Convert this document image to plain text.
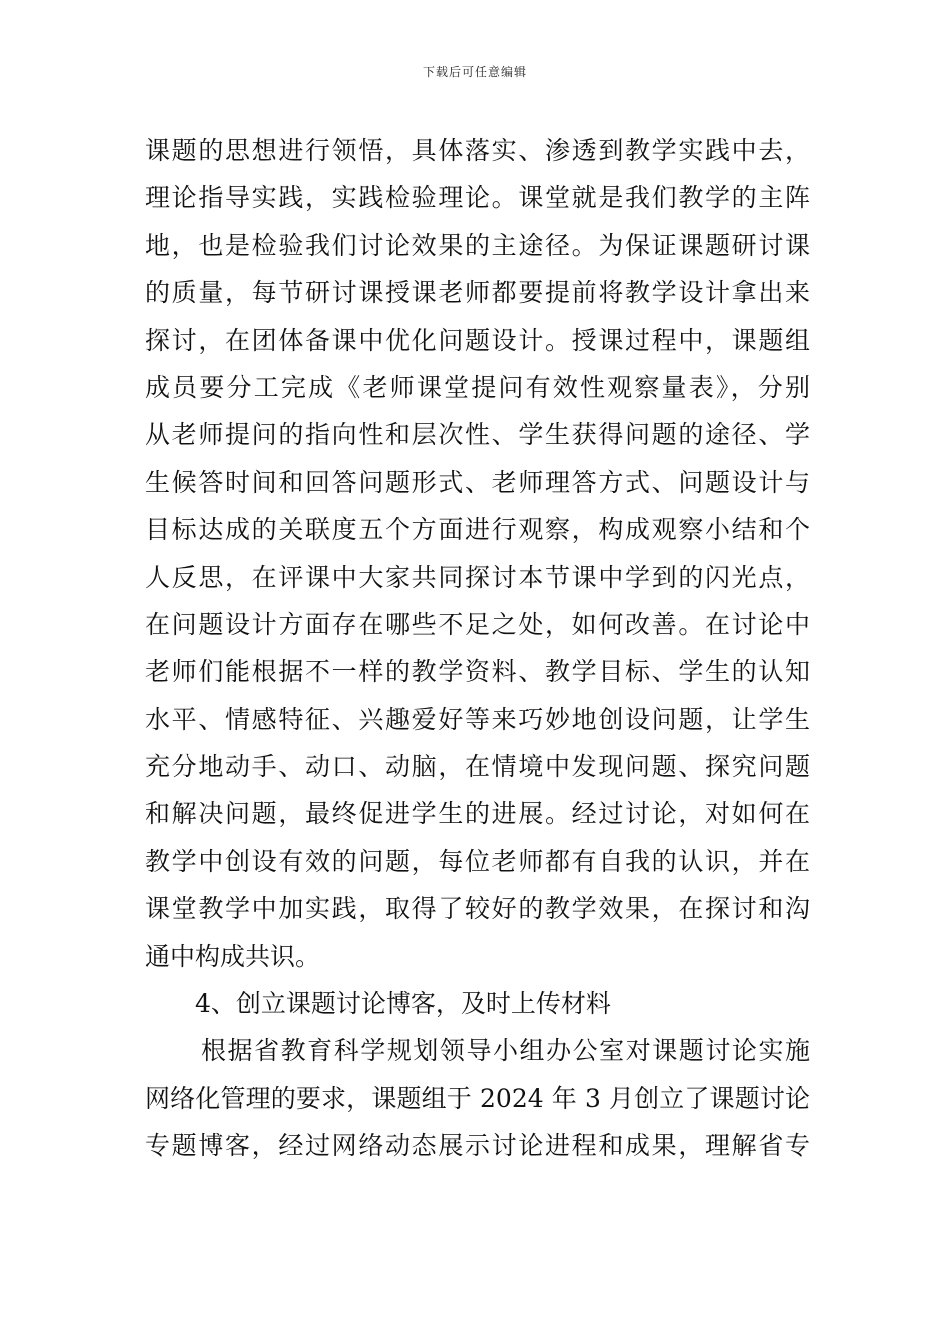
下载后可任意编辑
课题的思想进行领悟，具体落实、渗透到教学实践中去，
理论指导实践，实践检验理论。课堂就是我们教学的主阵
地，也是检验我们讨论效果的主途径。为保证课题研讨课
的质量，每节研讨课授课老师都要提前将教学设计拿出来
探讨，在团体备课中优化问题设计。授课过程中，课题组
成员要分工完成《老师课堂提问有效性观察量表》，分别
从老师提问的指向性和层次性、学生获得问题的途径、学
生候答时间和回答问题形式、老师理答方式、问题设计与
目标达成的关联度五个方面进行观察，构成观察小结和个
人反思，在评课中大家共同探讨本节课中学到的闪光点，
在问题设计方面存在哪些不足之处，如何改善。在讨论中
老师们能根据不一样的教学资料、教学目标、学生的认知
水平、情感特征、兴趣爱好等来巧妙地创设问题，让学生
充分地动手、动口、动脑，在情境中发现问题、探究问题
和解决问题，最终促进学生的进展。经过讨论，对如何在
教学中创设有效的问题，每位老师都有自我的认识，并在
课堂教学中加实践，取得了较好的教学效果，在探讨和沟
通中构成共识。
4、创立课题讨论博客，及时上传材料
根据省教育科学规划领导小组办公室对课题讨论实施
网络化管理的要求，课题组于 2024 年 3 月创立了课题讨论
专题博客，经过网络动态展示讨论进程和成果，理解省专
